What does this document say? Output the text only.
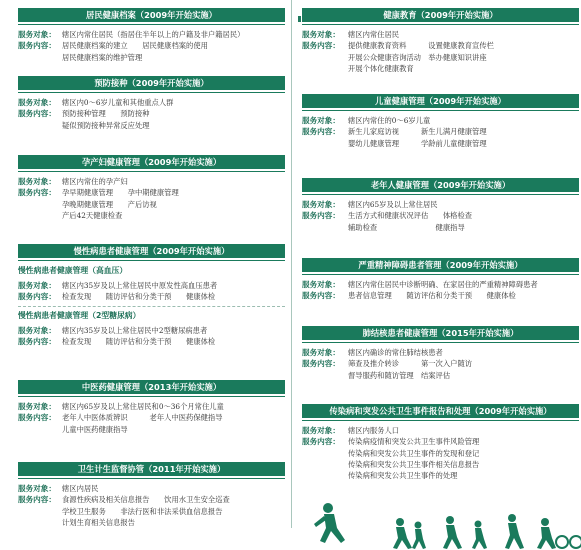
居民健康档案（2009年开始实施）
服务对象： 辖区内常住居民（指居住半年以上的户籍及非户籍居民）
服务内容： 居民健康档案的建立　　居民健康档案的使用
居民健康档案的维护管理
预防接种（2009年开始实施）
服务对象： 辖区内0～6岁儿童和其他重点人群
服务内容： 预防接种管理　　预防接种
疑似预防接种异常反应处理
孕产妇健康管理（2009年开始实施）
服务对象： 辖区内常住的孕产妇
服务内容： 孕早期健康管理　　孕中期健康管理
孕晚期健康管理　　产后访视
产后42天健康检查
慢性病患者健康管理（2009年开始实施）
慢性病患者健康管理（高血压）
服务对象： 辖区内35岁及以上常住居民中原发性高血压患者
服务内容： 检查发现　　随访评估和分类干预　　健康体检
慢性病患者健康管理（2型糖尿病）
服务对象： 辖区内35岁及以上常住居民中2型糖尿病患者
服务内容： 检查发现　　随访评估和分类干预　　健康体检
中医药健康管理（2013年开始实施）
服务对象： 辖区内65岁及以上常住居民和0～36个月常住儿童
服务内容： 老年人中医体质辨识　　　老年人中医药保健指导
儿童中医药健康指导
卫生计生监督协管（2011年开始实施）
服务对象： 辖区内居民
服务内容： 食源性疾病及相关信息报告　　饮用水卫生安全巡查
学校卫生服务　　非法行医和非法采供血信息报告
计划生育相关信息报告
健康教育（2009年开始实施）
服务对象： 辖区内常住居民
服务内容： 提供健康教育资料　　　设置健康教育宣传栏
开展公众健康咨询活动　举办健康知识讲座
开展个体化健康教育
儿童健康管理（2009年开始实施）
服务对象： 辖区内常住的0～6岁儿童
服务内容： 新生儿家庭访视　　　新生儿满月健康管理
婴幼儿健康管理　　　学龄前儿童健康管理
老年人健康管理（2009年开始实施）
服务对象： 辖区内65岁及以上常住居民
服务内容： 生活方式和健康状况评估　　体格检查
辅助检查　　　　　　　　健康指导
严重精神障碍患者管理（2009年开始实施）
服务对象： 辖区内常住居民中诊断明确、在家居住的严重精神障碍患者
服务内容： 患者信息管理　　随访评估和分类干预　　健康体检
肺结核患者健康管理（2015年开始实施）
服务对象： 辖区内确诊的常住肺结核患者
服务内容： 筛查及推介转诊　　　第一次入户随访
督导服药和随访管理　结案评估
传染病和突发公共卫生事件报告和处理（2009年开始实施）
服务对象： 辖区内服务人口
服务内容： 传染病疫情和突发公共卫生事件风险管理
传染病和突发公共卫生事件的发现和登记
传染病和突发公共卫生事件相关信息报告
传染病和突发公共卫生事件的处理
